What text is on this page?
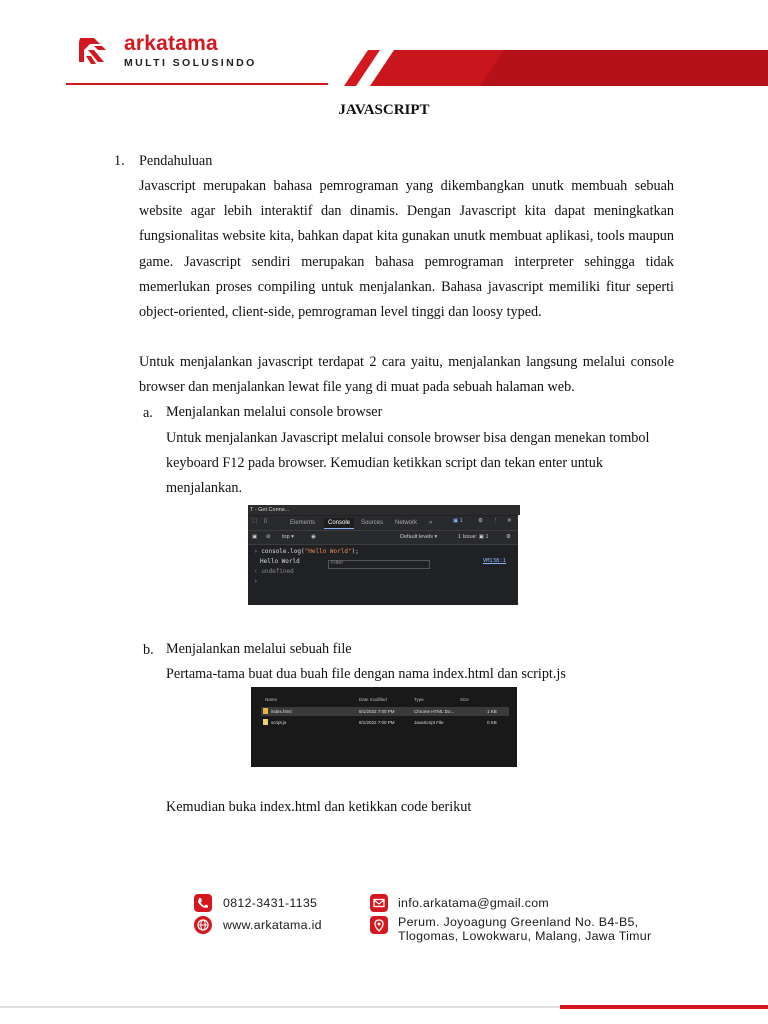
arkatama
MULTI SOLUSINDO
JAVASCRIPT
1. Pendahuluan
Javascript merupakan bahasa pemrograman yang dikembangkan unutk membuah sebuah website agar lebih interaktif dan dinamis. Dengan Javascript kita dapat meningkatkan fungsionalitas website kita, bahkan dapat kita gunakan unutk membuat aplikasi, tools maupun game. Javascript sendiri merupakan bahasa pemrograman interpreter sehingga tidak memerlukan proses compiling untuk menjalankan. Bahasa javascript memiliki fitur seperti object-oriented, client-side, pemrograman level tinggi dan loosy typed.
Untuk menjalankan javascript terdapat 2 cara yaitu, menjalankan langsung melalui console browser dan menjalankan lewat file yang di muat pada sebuah halaman web.
a. Menjalankan melalui console browser
Untuk menjalankan Javascript melalui console browser bisa dengan menekan tombol keyboard F12 pada browser. Kemudian ketikkan script dan tekan enter untuk menjalankan.
T - Get Conne...
⬚ ▯	Elements	Console	Sources Network »	▣ 1	⚙ ⋮ ✕
▣ ⊘ top ▾	◉
Filter
Default levels ▾	1 Issue: ▣ 1	⚙
› console.log("Hello World");
Hello World	VM138:1
‹ undefined
›
b. Menjalankan melalui sebuah file
Pertama-tama buat dua buah file dengan nama index.html dan script.js
Name	Date modified	Type	Size
index.html	8/1/2022 7:00 PM	Chrome HTML Do...	1 KB
script.js	8/1/2022 7:00 PM	JavaScript File	0 KB
Kemudian buka index.html dan ketikkan code berikut
0812-3431-1135
www.arkatama.id
info.arkatama@gmail.com
Perum. Joyoagung Greenland No. B4-B5,
Tlogomas, Lowokwaru, Malang, Jawa Timur
